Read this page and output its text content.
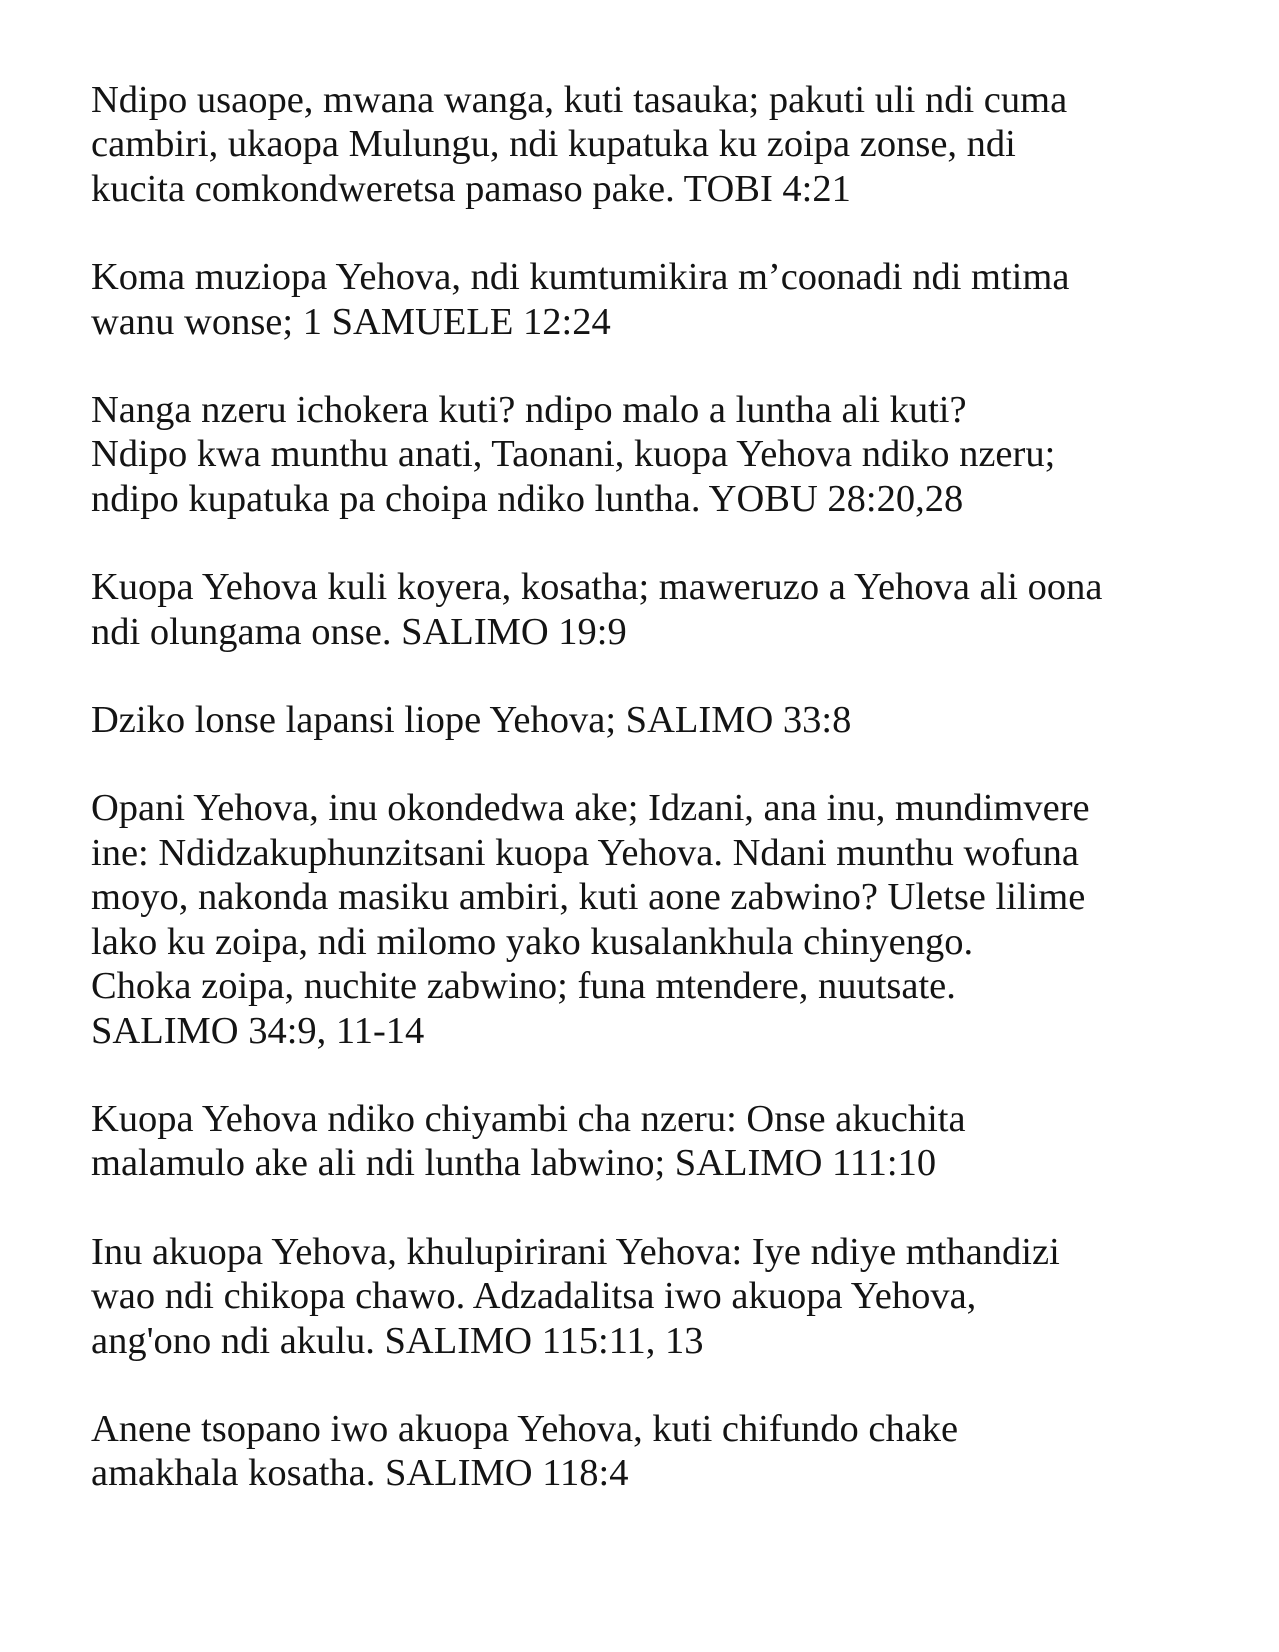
Ndipo usaope, mwana wanga, kuti tasauka; pakuti uli ndi cuma
cambiri, ukaopa Mulungu, ndi kupatuka ku zoipa zonse, ndi
kucita comkondweretsa pamaso pake. TOBI 4:21
Koma muziopa Yehova, ndi kumtumikira m’coonadi ndi mtima
wanu wonse; 1 SAMUELE 12:24
Nanga nzeru ichokera kuti? ndipo malo a luntha ali kuti?
Ndipo kwa munthu anati, Taonani, kuopa Yehova ndiko nzeru;
ndipo kupatuka pa choipa ndiko luntha. YOBU 28:20,28
Kuopa Yehova kuli koyera, kosatha; maweruzo a Yehova ali oona
ndi olungama onse. SALIMO 19:9
Dziko lonse lapansi liope Yehova; SALIMO 33:8
Opani Yehova, inu okondedwa ake; Idzani, ana inu, mundimvere
ine: Ndidzakuphunzitsani kuopa Yehova. Ndani munthu wofuna
moyo, nakonda masiku ambiri, kuti aone zabwino? Uletse lilime
lako ku zoipa, ndi milomo yako kusalankhula chinyengo.
Choka zoipa, nuchite zabwino; funa mtendere, nuutsate.
SALIMO 34:9, 11-14
Kuopa Yehova ndiko chiyambi cha nzeru: Onse akuchita
malamulo ake ali ndi luntha labwino; SALIMO 111:10
Inu akuopa Yehova, khulupirirani Yehova: Iye ndiye mthandizi
wao ndi chikopa chawo. Adzadalitsa iwo akuopa Yehova,
ang'ono ndi akulu. SALIMO 115:11, 13
Anene tsopano iwo akuopa Yehova, kuti chifundo chake
amakhala kosatha. SALIMO 118:4
